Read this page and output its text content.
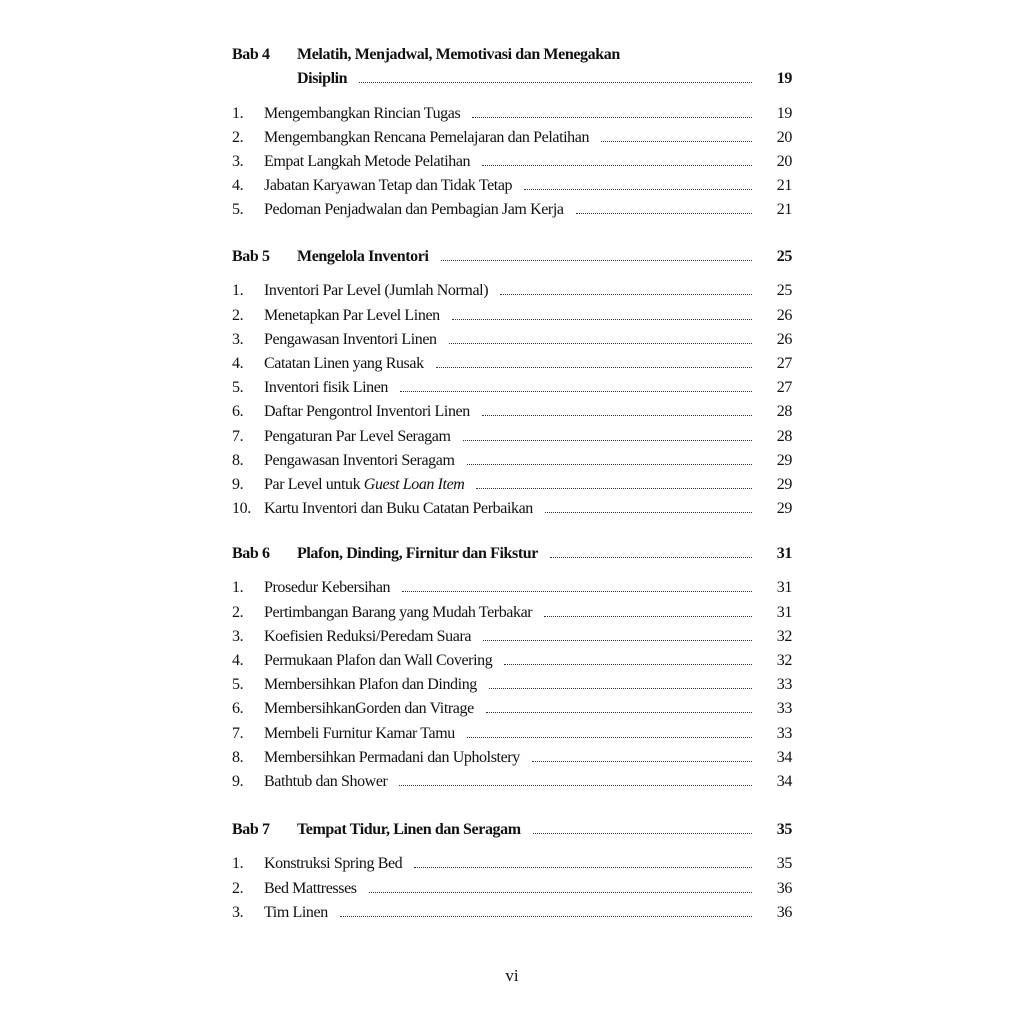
Bab 4	Melatih, Menjadwal, Memotivasi dan Menegakan
Disiplin	19
1.	Mengembangkan Rincian Tugas	19
2.	Mengembangkan Rencana Pemelajaran dan Pelatihan	20
3.	Empat Langkah Metode Pelatihan	20
4.	Jabatan Karyawan Tetap dan Tidak Tetap	21
5.	Pedoman Penjadwalan dan Pembagian Jam Kerja	21
Bab 5	Mengelola Inventori	25
1.	Inventori Par Level (Jumlah Normal)	25
2.	Menetapkan Par Level Linen	26
3.	Pengawasan Inventori Linen	26
4.	Catatan Linen yang Rusak	27
5.	Inventori fisik Linen	27
6.	Daftar Pengontrol Inventori Linen	28
7.	Pengaturan Par Level Seragam	28
8.	Pengawasan Inventori Seragam	29
9.	Par Level untuk Guest Loan Item	29
10. Kartu Inventori dan Buku Catatan Perbaikan	29
Bab 6	Plafon, Dinding, Firnitur dan Fikstur	31
1.	Prosedur Kebersihan	31
2.	Pertimbangan Barang yang Mudah Terbakar	31
3.	Koefisien Reduksi/Peredam Suara	32
4.	Permukaan Plafon dan Wall Covering	32
5.	Membersihkan Plafon dan Dinding	33
6.	MembersihkanGorden dan Vitrage	33
7.	Membeli Furnitur Kamar Tamu	33
8.	Membersihkan Permadani dan Upholstery	34
9.	Bathtub dan Shower	34
Bab 7	Tempat Tidur, Linen dan Seragam	35
1.	Konstruksi Spring Bed	35
2.	Bed Mattresses	36
3.	Tim Linen	36
vi
